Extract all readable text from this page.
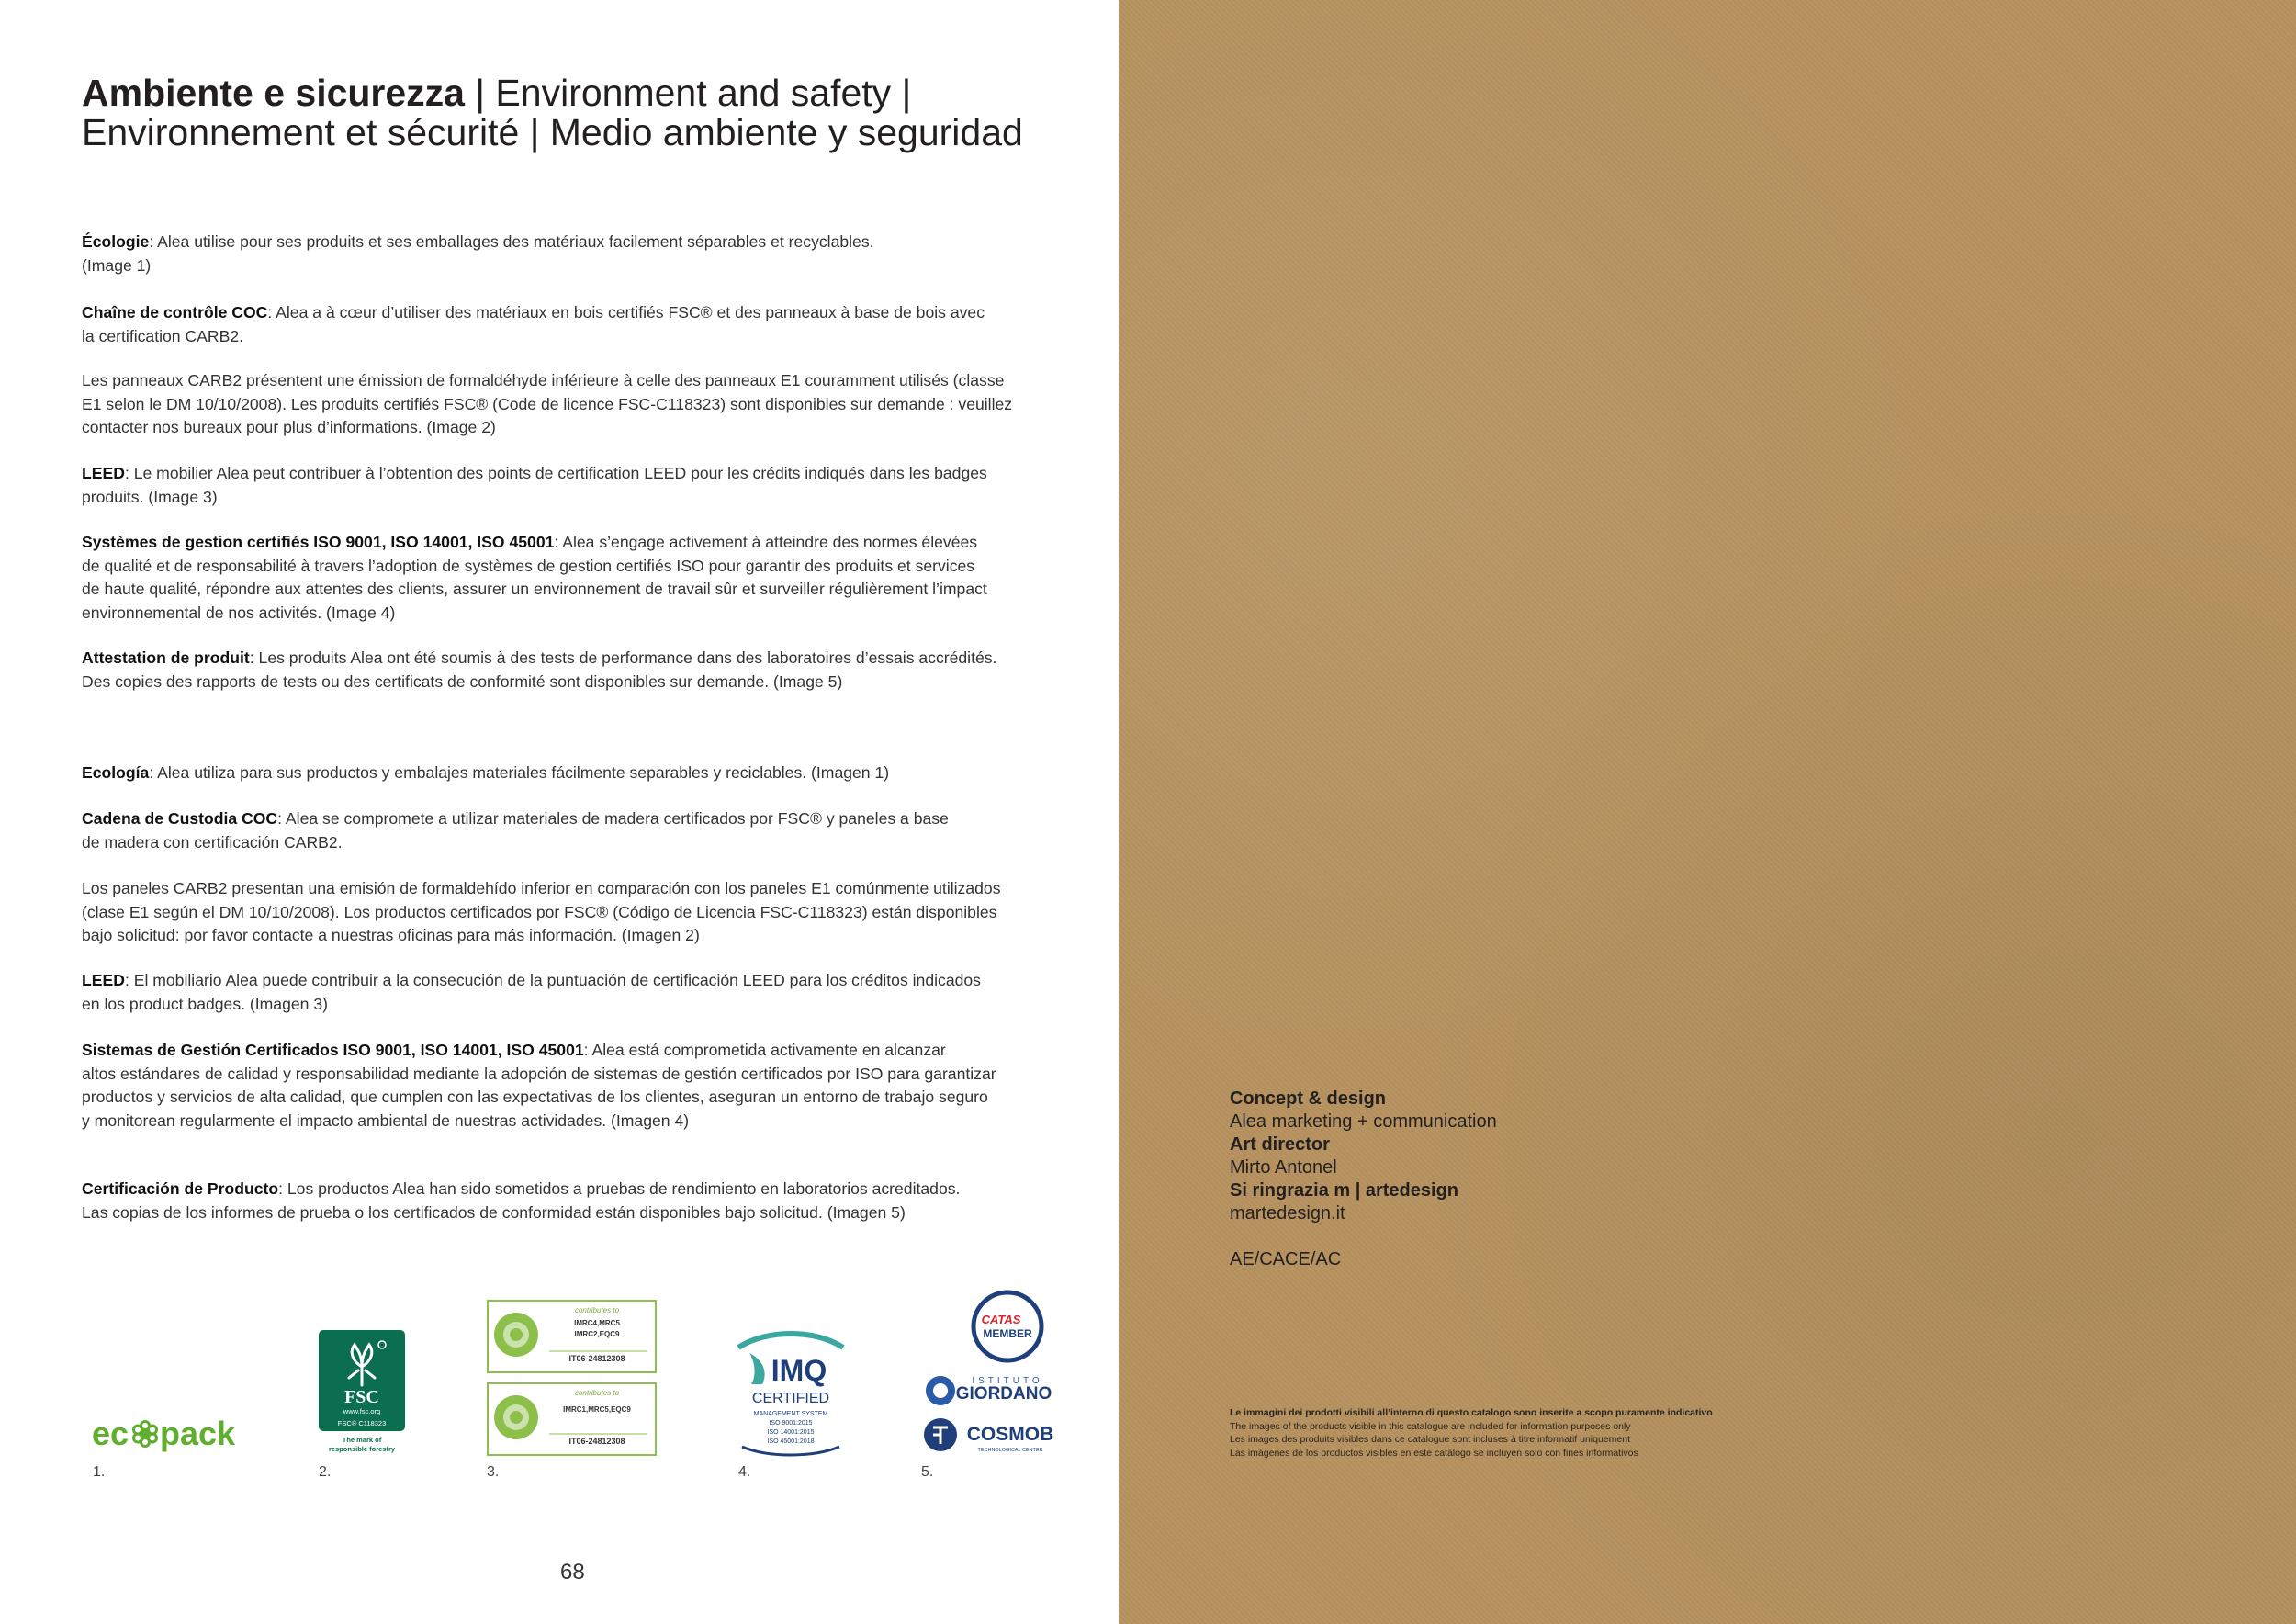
Ambiente e sicurezza | Environment and safety |
Environnement et sécurité | Medio ambiente y seguridad

Écologie: Alea utilise pour ses produits et ses emballages des matériaux facilement séparables et recyclables.
(Image 1)

Chaîne de contrôle COC: Alea a à cœur d’utiliser des matériaux en bois certifiés FSC® et des panneaux à base de bois avec
la certification CARB2.

Les panneaux CARB2 présentent une émission de formaldéhyde inférieure à celle des panneaux E1 couramment utilisés (classe
E1 selon le DM 10/10/2008). Les produits certifiés FSC® (Code de licence FSC-C118323) sont disponibles sur demande : veuillez
contacter nos bureaux pour plus d’informations. (Image 2)

LEED: Le mobilier Alea peut contribuer à l’obtention des points de certification LEED pour les crédits indiqués dans les badges
produits. (Image 3)

Systèmes de gestion certifiés ISO 9001, ISO 14001, ISO 45001: Alea s’engage activement à atteindre des normes élevées
de qualité et de responsabilité à travers l’adoption de systèmes de gestion certifiés ISO pour garantir des produits et services
de haute qualité, répondre aux attentes des clients, assurer un environnement de travail sûr et surveiller régulièrement l’impact
environnemental de nos activités. (Image 4)

Attestation de produit: Les produits Alea ont été soumis à des tests de performance dans des laboratoires d’essais accrédités.
Des copies des rapports de tests ou des certificats de conformité sont disponibles sur demande. (Image 5)

Ecología: Alea utiliza para sus productos y embalajes materiales fácilmente separables y reciclables. (Imagen 1)

Cadena de Custodia COC: Alea se compromete a utilizar materiales de madera certificados por FSC® y paneles a base
de madera con certificación CARB2.

Los paneles CARB2 presentan una emisión de formaldehído inferior en comparación con los paneles E1 comúnmente utilizados
(clase E1 según el DM 10/10/2008). Los productos certificados por FSC® (Código de Licencia FSC-C118323) están disponibles
bajo solicitud: por favor contacte a nuestras oficinas para más información. (Imagen 2)

LEED: El mobiliario Alea puede contribuir a la consecución de la puntuación de certificación LEED para los créditos indicados
en los product badges. (Imagen 3)

Sistemas de Gestión Certificados ISO 9001, ISO 14001, ISO 45001: Alea está comprometida activamente en alcanzar
altos estándares de calidad y responsabilidad mediante la adopción de sistemas de gestión certificados por ISO para garantizar
productos y servicios de alta calidad, que cumplen con las expectativas de los clientes, aseguran un entorno de trabajo seguro
y monitorean regularmente el impacto ambiental de nuestras actividades. (Imagen 4)

Certificación de Producto: Los productos Alea han sido sometidos a pruebas de rendimiento en laboratorios acreditados.
Las copias de los informes de prueba o los certificados de conformidad están disponibles bajo solicitud. (Imagen 5)

ec pack
1.
FSC
www.fsc.org
FSC® C118323
The mark of
responsible forestry
2.
contributes to
IMRC4,MRC5
IMRC2,EQC9
IT06-24812308
contributes to
IMRC1,MRC5,EQC9
IT06-24812308
3.
IMQ
CERTIFIED
MANAGEMENT SYSTEM
ISO 9001:2015
ISO 14001:2015
ISO 45001:2018
4.
CATAS
MEMBER
ISTITUTO
GIORDANO
COSMOB
TECHNOLOGICAL CENTER
5.
68
Concept & design
Alea marketing + communication
Art director
Mirto Antonel
Si ringrazia m | artedesign
martedesign.it
AE/CACE/AC
Le immagini dei prodotti visibili all’interno di questo catalogo sono inserite a scopo puramente indicativo
The images of the products visible in this catalogue are included for information purposes only
Les images des produits visibles dans ce catalogue sont incluses à titre informatif uniquement
Las imágenes de los productos visibles en este catálogo se incluyen solo con fines informativos
